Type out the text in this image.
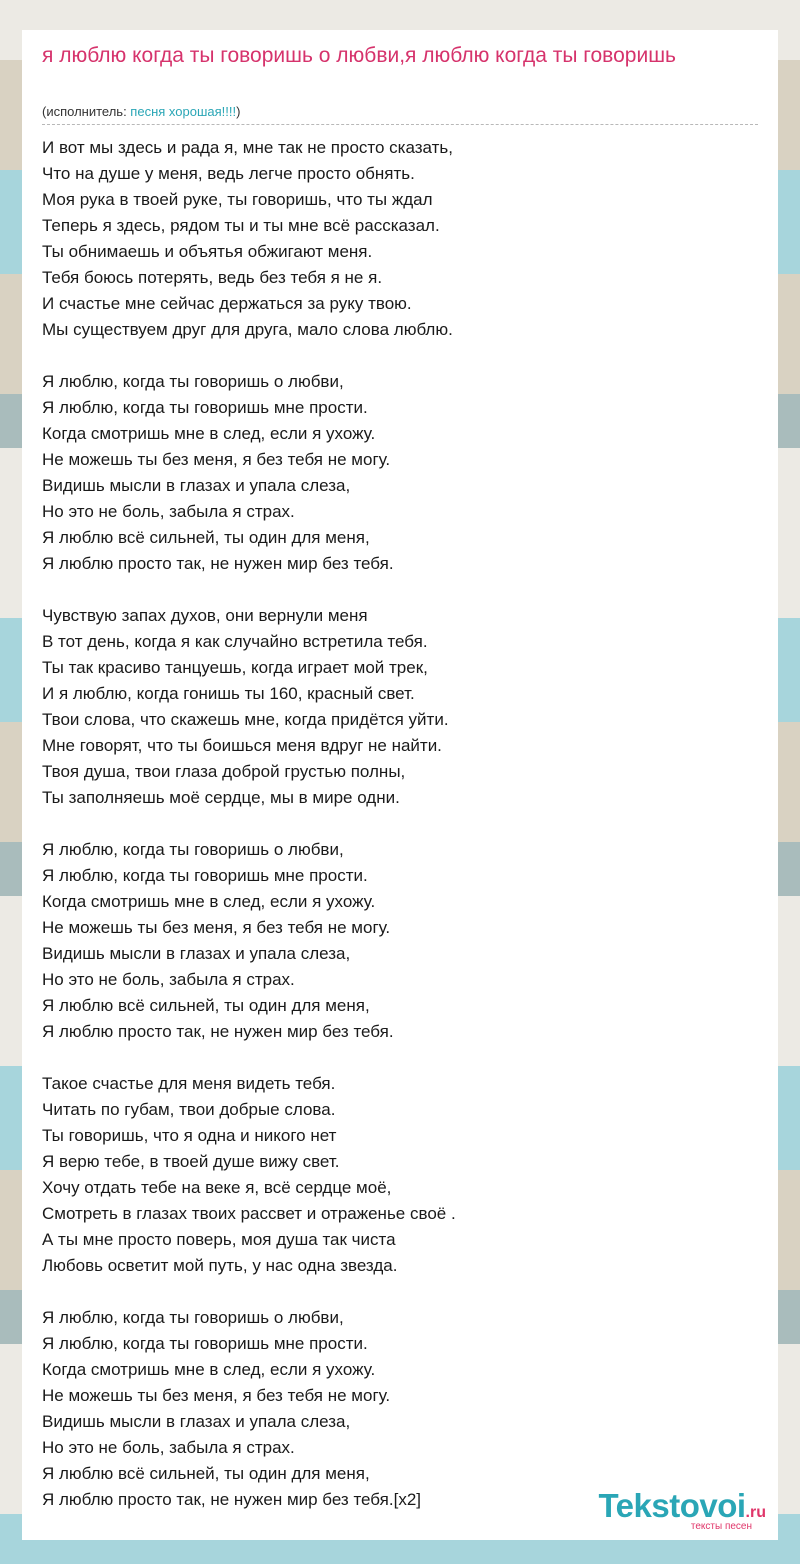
я люблю когда ты говоришь о любви,я люблю когда ты говоришь
(исполнитель: песня хорошая!!!!)
И вот мы здесь и рада я, мне так не просто сказать,
Что на душе у меня, ведь легче просто обнять.
Моя рука в твоей руке, ты говоришь, что ты ждал
Теперь я здесь, рядом ты и ты мне всё рассказал.
Ты обнимаешь и объятья обжигают меня.
Тебя боюсь потерять, ведь без тебя я не я.
И счастье мне сейчас держаться за руку твою.
Мы существуем друг для друга, мало слова люблю.
Я люблю, когда ты говоришь о любви,
Я люблю, когда ты говоришь мне прости.
Когда смотришь мне в след, если я ухожу.
Не можешь ты без меня, я без тебя не могу.
Видишь мысли в глазах и упала слеза,
Но это не боль, забыла я страх.
Я люблю всё сильней, ты один для меня,
Я люблю просто так, не нужен мир без тебя.
Чувствую запах духов, они вернули меня
В тот день, когда я как случайно встретила тебя.
Ты так красиво танцуешь, когда играет мой трек,
И я люблю, когда гонишь ты 160, красный свет.
Твои слова, что скажешь мне, когда придётся уйти.
Мне говорят, что ты боишься меня вдруг не найти.
Твоя душа, твои глаза доброй грустью полны,
Ты заполняешь моё сердце, мы в мире одни.
Я люблю, когда ты говоришь о любви,
Я люблю, когда ты говоришь мне прости.
Когда смотришь мне в след, если я ухожу.
Не можешь ты без меня, я без тебя не могу.
Видишь мысли в глазах и упала слеза,
Но это не боль, забыла я страх.
Я люблю всё сильней, ты один для меня,
Я люблю просто так, не нужен мир без тебя.
Такое счастье для меня видеть тебя.
Читать по губам, твои добрые слова.
Ты говоришь, что я одна и никого нет
Я верю тебе, в твоей душе вижу свет.
Хочу отдать тебе на веке я, всё сердце моё,
Смотреть в глазах твоих рассвет и отраженье своё .
А ты мне просто поверь, моя душа так чиста
Любовь осветит мой путь, у нас одна звезда.
Я люблю, когда ты говоришь о любви,
Я люблю, когда ты говоришь мне прости.
Когда смотришь мне в след, если я ухожу.
Не можешь ты без меня, я без тебя не могу.
Видишь мысли в глазах и упала слеза,
Но это не боль, забыла я страх.
Я люблю всё сильней, ты один для меня,
Я люблю просто так, не нужен мир без тебя.[x2]	Tekstovoi.ru
тексты песен
